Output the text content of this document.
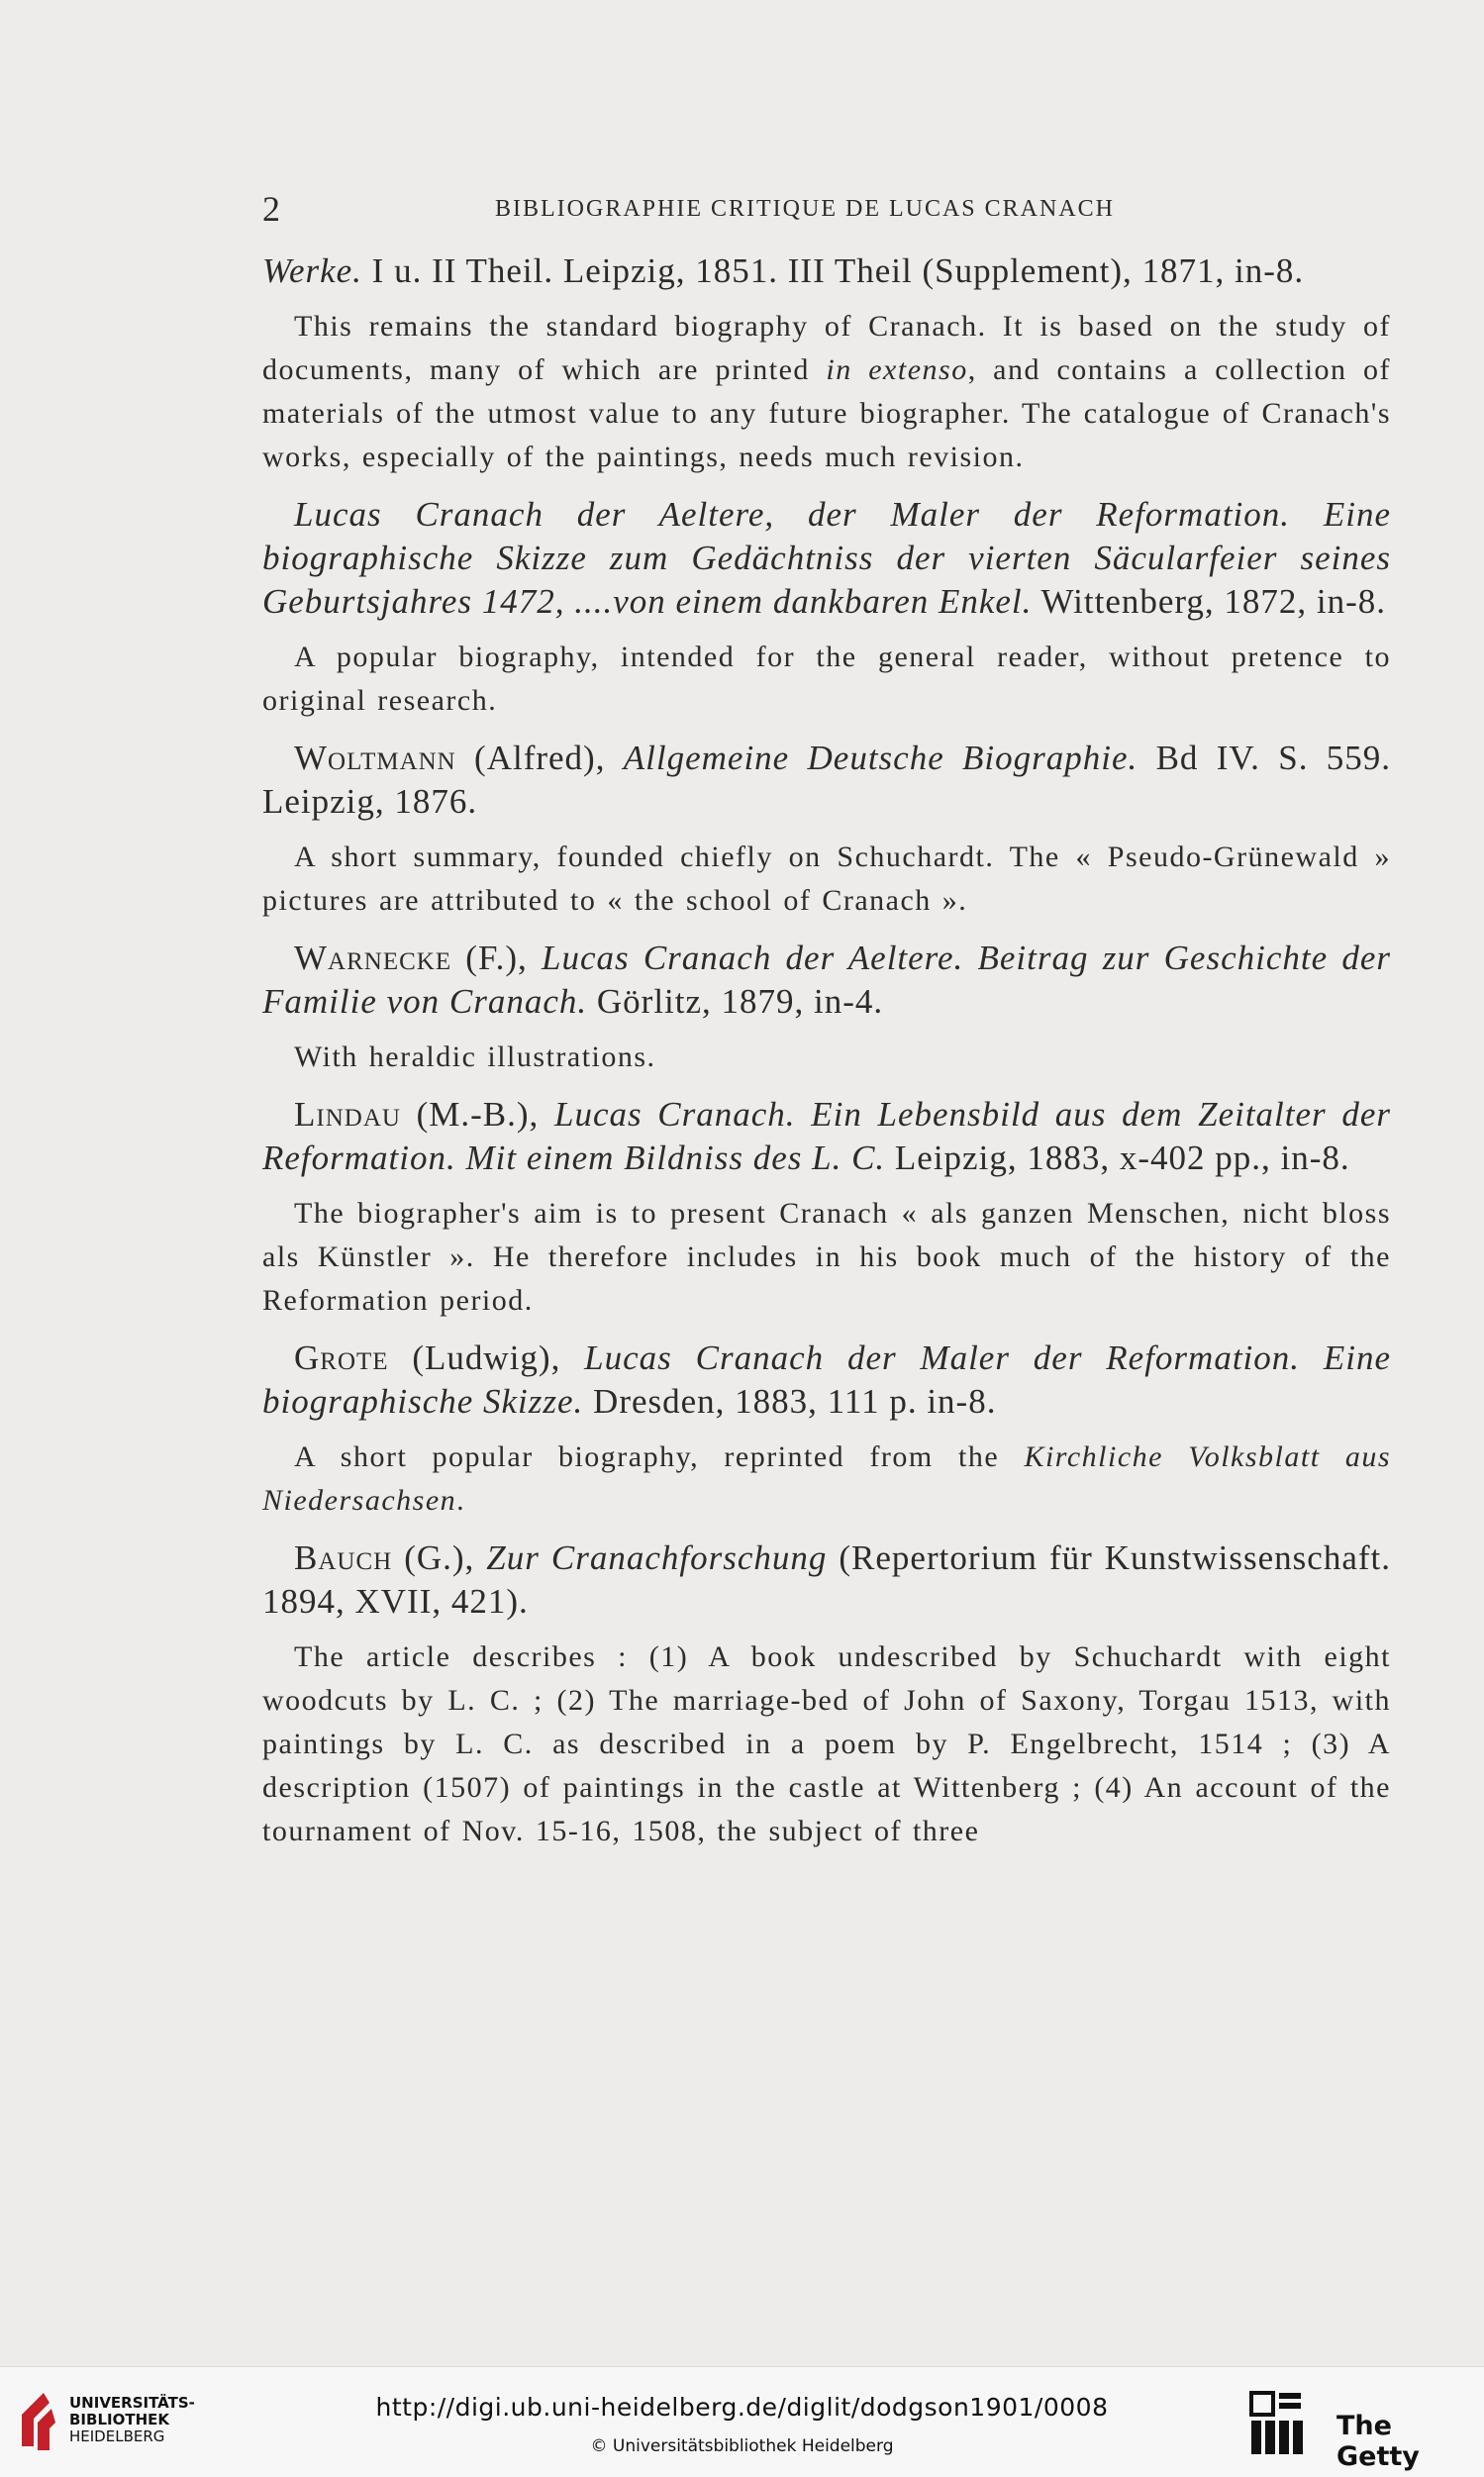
2	BIBLIOGRAPHIE CRITIQUE DE LUCAS CRANACH

Werke. I u. II Theil. Leipzig, 1851. III Theil (Supplement), 1871, in-8.

This remains the standard biography of Cranach. It is based on the study of documents, many of which are printed in extenso, and contains a collection of materials of the utmost value to any future biographer. The catalogue of Cranach's works, especially of the paintings, needs much revision.

Lucas Cranach der Aeltere, der Maler der Reformation. Eine biographische Skizze zum Gedächtniss der vierten Säcularfeier seines Geburtsjahres 1472, ....von einem dankbaren Enkel. Wittenberg, 1872, in-8.

A popular biography, intended for the general reader, without pretence to original research.

Woltmann (Alfred), Allgemeine Deutsche Biographie. Bd IV. S. 559. Leipzig, 1876.

A short summary, founded chiefly on Schuchardt. The « Pseudo-Grünewald » pictures are attributed to « the school of Cranach ».

Warnecke (F.), Lucas Cranach der Aeltere. Beitrag zur Geschichte der Familie von Cranach. Görlitz, 1879, in-4.

With heraldic illustrations.

Lindau (M.-B.), Lucas Cranach. Ein Lebensbild aus dem Zeitalter der Reformation. Mit einem Bildniss des L. C. Leipzig, 1883, x-402 pp., in-8.

The biographer's aim is to present Cranach « als ganzen Menschen, nicht bloss als Künstler ». He therefore includes in his book much of the history of the Reformation period.

Grote (Ludwig), Lucas Cranach der Maler der Reformation. Eine biographische Skizze. Dresden, 1883, 111 p. in-8.

A short popular biography, reprinted from the Kirchliche Volksblatt aus Niedersachsen.

Bauch (G.), Zur Cranachforschung (Repertorium für Kunstwissenschaft. 1894, XVII, 421).

The article describes : (1) A book undescribed by Schuchardt with eight woodcuts by L. C. ; (2) The marriage-bed of John of Saxony, Torgau 1513, with paintings by L. C. as described in a poem by P. Engelbrecht, 1514 ; (3) A description (1507) of paintings in the castle at Wittenberg ; (4) An account of the tournament of Nov. 15-16, 1508, the subject of three

UNIVERSITÄTS-
BIBLIOTHEK
HEIDELBERG
http://digi.ub.uni-heidelberg.de/diglit/dodgson1901/0008
© Universitätsbibliothek Heidelberg
The Getty
